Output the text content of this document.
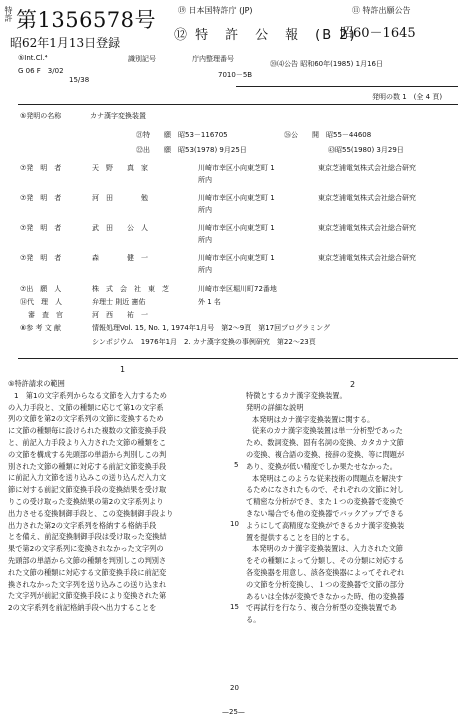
特許 第1356578号
昭62年1月13日登録
⑲ 日本国特許庁 (JP)	⑪ 特許出願公告
⑫ 特　許　公　報　(B 2)
昭60－1645
⑤Int.Cl.⁴	識別記号	庁内整理番号
⑳⑷公告 昭和60年(1985) 1月16日
G 06 F　3/02
15/38
7010－5B
発明の数 1　(全 4 頁)
⑤発明の名称	カナ漢字変換装置
㉑特　　願　昭53－116705	㉖公　　開　昭55－44608
㉒出　　願　昭53(1978) 9月25日	㊸昭55(1980) 3月29日
⑦発　明　者	天　野　　真　家	川崎市幸区小向東芝町 1	東京芝浦電気株式会社総合研究
所内
⑦発　明　者	河　田　　　　勉	川崎市幸区小向東芝町 1	東京芝浦電気株式会社総合研究
所内
⑦発　明　者	武　田　　公　人	川崎市幸区小向東芝町 1	東京芝浦電気株式会社総合研究
所内
⑦発　明　者	森　　　　健　一	川崎市幸区小向東芝町 1	東京芝浦電気株式会社総合研究
所内
⑦出　願　人	株　式　会　社　東　芝	川崎市幸区堀川町72番地
⑭代　理　人	弁理士 則近 憲佑	外 1 名
審　査　官	河　西　　祐　一
⑧参 考 文 献	情報処理Vol. 15, No. 1, 1974年1月号　第2～9頁　第17回プログラミング
シンポジウム　1976年1月　2. カナ漢字変換の事例研究　第22～23頁
1
2
⑤特許請求の範囲
1　第1の文字系列からなる文節を入力するため
の入力手段と、文節の種類に応じて第1の文字系
列の文節を第2の文字系列の文節に変換するため
に文節の種類毎に設けられた複数の文節変換手段
と、前記入力手段より入力された文節の種類をこ
の文節を構成する先頭部の単語から判別しこの判
別された文節の種類に対応する前記文節変換手段
に前記入力文節を送り込みこの送り込んだ入力文
節に対する前記文節変換手段の変換結果を受け取
りこの受け取った変換結果の第2の文字系列より
出力させる変換制御手段と、この変換制御手段より
出力された第2の文字系列を格納する格納手段
とを備え、前記変換制御手段は受け取った変換結
果で第2の文字系列に変換されなかった文字列の
先頭部の単語から文節の種類を判別しこの判別さ
れた文節の種類に対応する文節変換手段に前記変
換されなかった文字列を送り込みこの送り込まれ
た文字列が前記文節変換手段により変換された第
2の文字系列を前記格納手段へ出力することを
5
10
15
20
特徴とするカナ漢字変換装置。
発明の詳細な説明
本発明はカナ漢字変換装置に関する。
従来のカナ漢字変換装置は単一分析型であった
ため、数詞変換、固有名詞の変換、カタカナ文節
の変換、複合語の変換、接辞の変換、等に問題が
あり、変換が低い精度でしか果たせなかった。
本発明はこのような従来技術の問題点を解決す
るためになされたもので、それぞれの文節に対し
て精密な分析ができ、また１つの変換器で変換で
きない場合でも他の変換器でバックアップできる
ようにして高精度な変換ができるカナ漢字変換装
置を提供することを目的とする。
本発明のカナ漢字変換装置は、入力された文節
をその種類によって分類し、その分類に対応する
各変換器を用意し、該各変換器によってそれぞれ
の文節を分析変換し、１つの変換器で文節の部分
あるいは全体が変換できなかった時、他の変換器
で再試行を行なう、複合分析型の変換装置であ
る。
—25—
